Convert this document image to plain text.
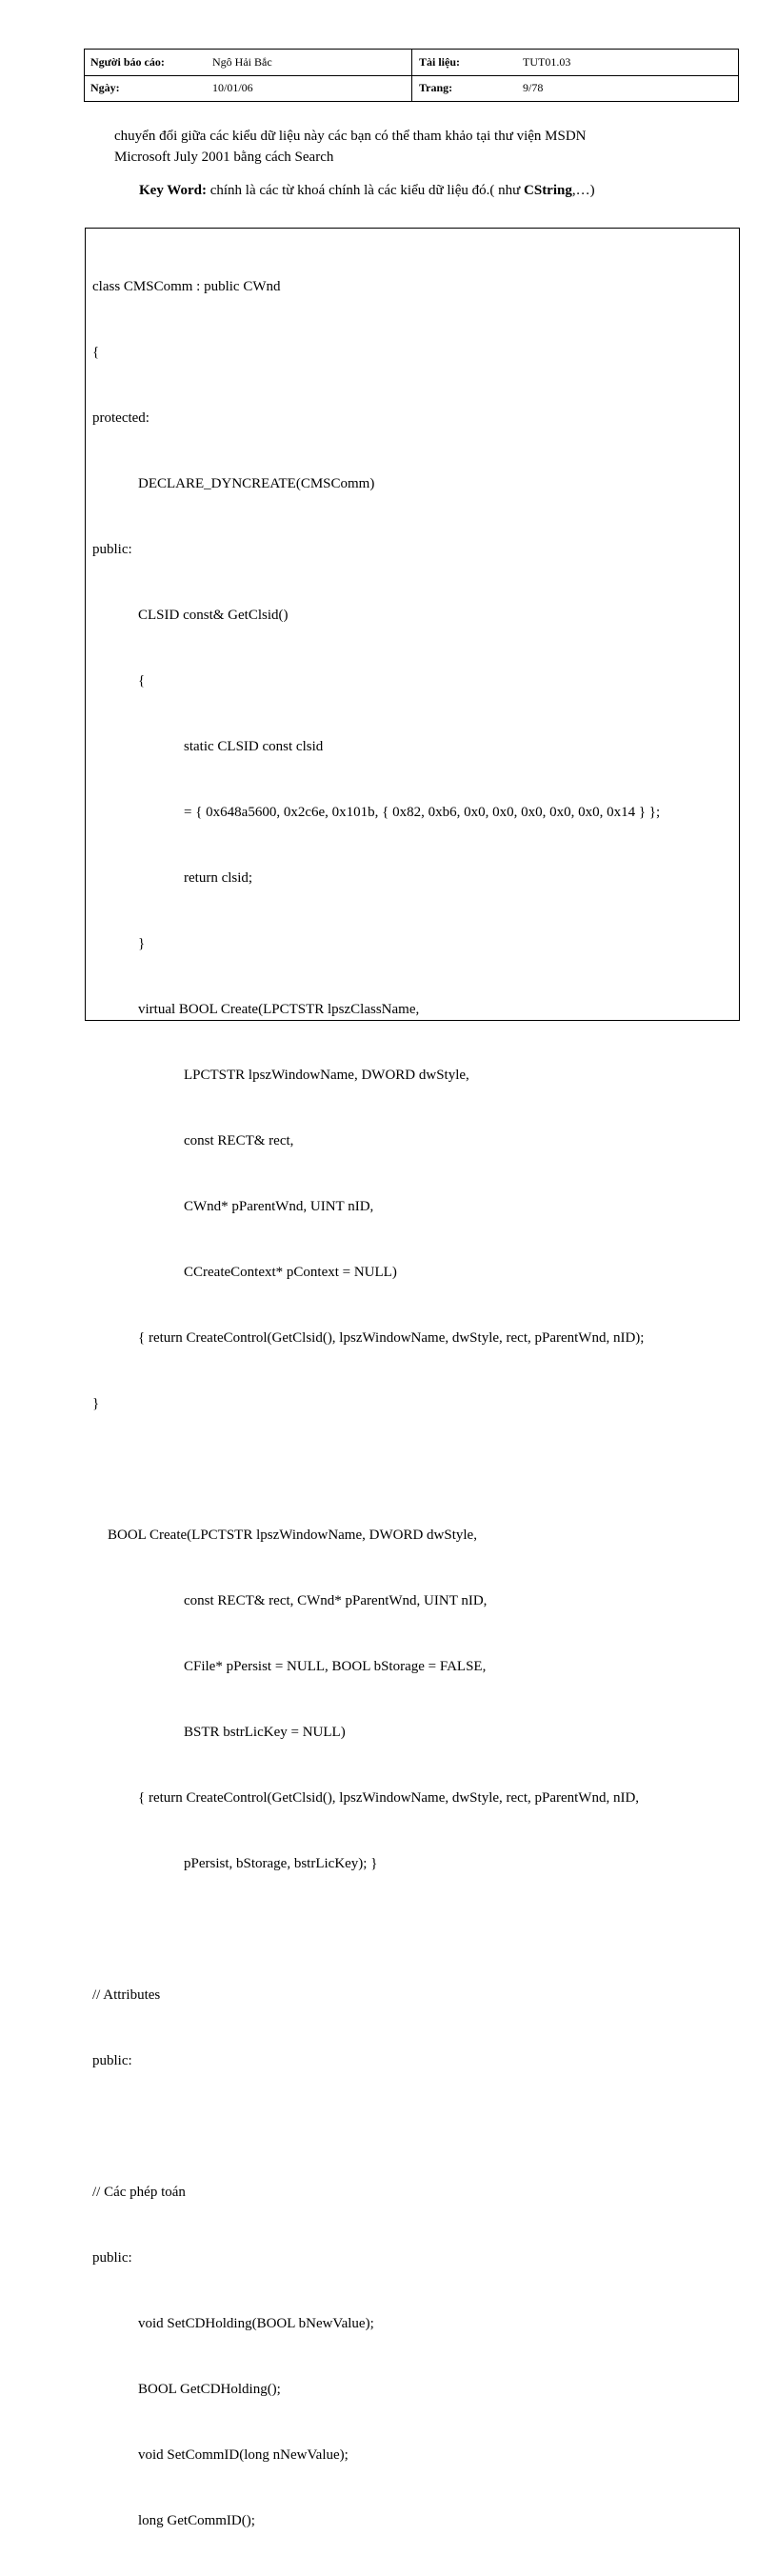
Người báo cáo:	Ngô Hải Bắc	Tài liệu:	TUT01.03
Ngày:	10/01/06	Trang:	9/78
chuyển đổi giữa các kiểu dữ liệu này các bạn có thể tham khảo tại thư viện MSDN
Microsoft July 2001 bằng cách Search
Key Word: chính là các từ khoá chính là các kiểu dữ liệu đó.( như CString,…)

class CMSComm : public CWnd

{

protected:

DECLARE_DYNCREATE(CMSComm)

public:

CLSID const& GetClsid()

{

static CLSID const clsid

= { 0x648a5600, 0x2c6e, 0x101b, { 0x82, 0xb6, 0x0, 0x0, 0x0, 0x0, 0x0, 0x14 } };

return clsid;

}

virtual BOOL Create(LPCTSTR lpszClassName,

LPCTSTR lpszWindowName, DWORD dwStyle,

const RECT& rect,

CWnd* pParentWnd, UINT nID,

CCreateContext* pContext = NULL)

{ return CreateControl(GetClsid(), lpszWindowName, dwStyle, rect, pParentWnd, nID);

}

BOOL Create(LPCTSTR lpszWindowName, DWORD dwStyle,

const RECT& rect, CWnd* pParentWnd, UINT nID,

CFile* pPersist = NULL, BOOL bStorage = FALSE,

BSTR bstrLicKey = NULL)

{ return CreateControl(GetClsid(), lpszWindowName, dwStyle, rect, pParentWnd, nID,

pPersist, bStorage, bstrLicKey); }

// Attributes

public:

// Các phép toán

public:

void SetCDHolding(BOOL bNewValue);

BOOL GetCDHolding();

void SetCommID(long nNewValue);

long GetCommID();
